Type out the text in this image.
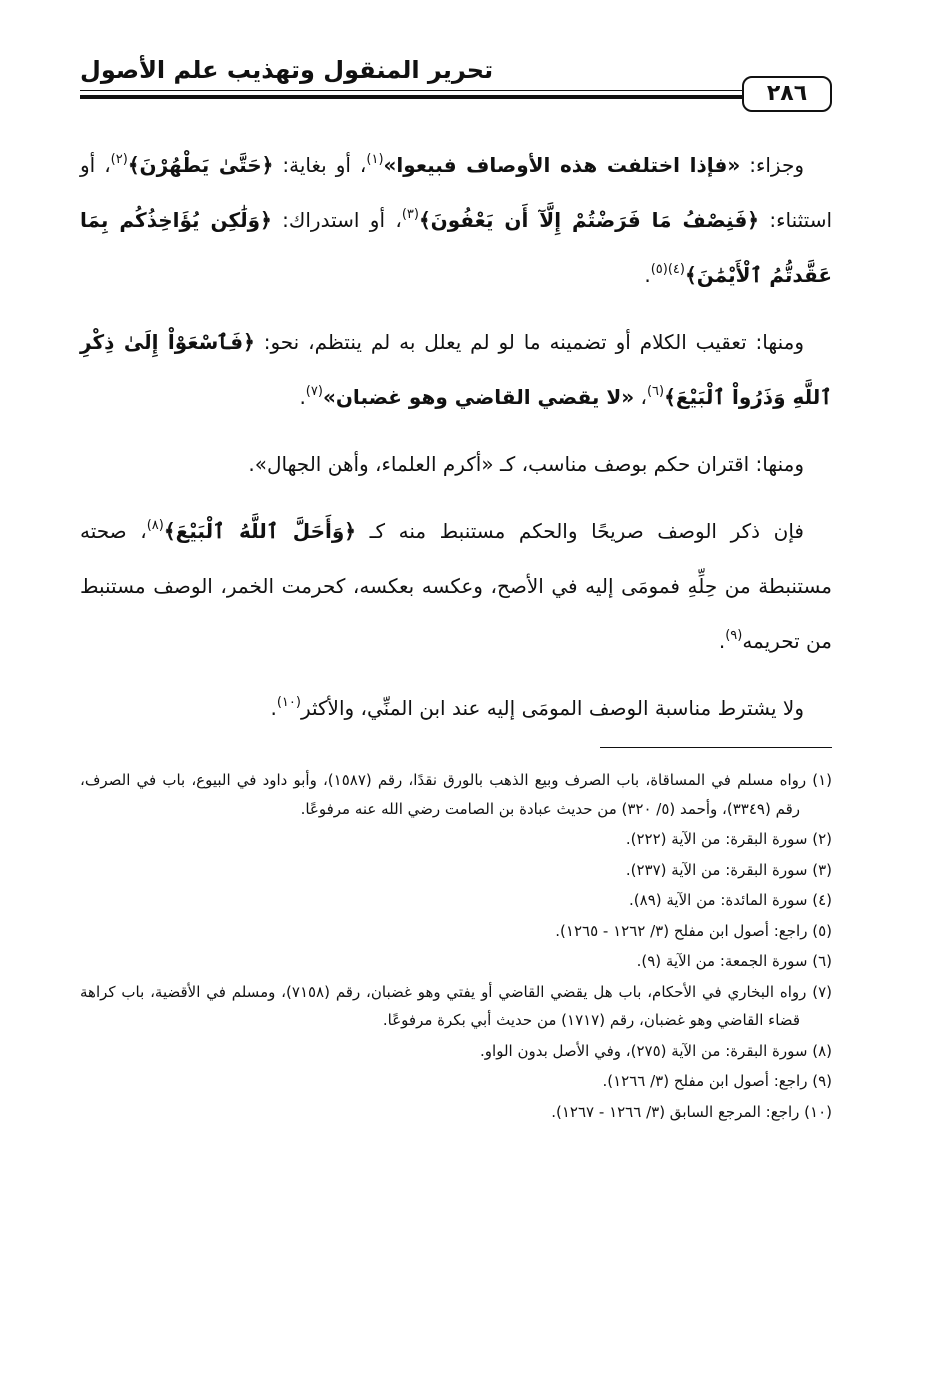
تحرير المنقول وتهذيب علم الأصول
٢٨٦

وجزاء: «فإذا اختلفت هذه الأوصاف فبيعوا»$^{(١)}$، أو بغاية: ﴿حَتَّىٰ يَطْهُرْنَ﴾$^{(٢)}$، أو استثناء: ﴿فَنِصْفُ مَا فَرَضْتُمْ إِلَّآ أَن يَعْفُونَ﴾$^{(٣)}$، أو استدراك: ﴿وَلَٰكِن يُؤَاخِذُكُم بِمَا عَقَّدتُّمُ ٱلْأَيْمَٰنَ﴾$^{(٤)(٥)}$.

ومنها: تعقيب الكلام أو تضمينه ما لو لم يعلل به لم ينتظم، نحو: ﴿فَٱسْعَوْاْ إِلَىٰ ذِكْرِ ٱللَّهِ وَذَرُواْ ٱلْبَيْعَ﴾$^{(٦)}$، «لا يقضي القاضي وهو غضبان»$^{(٧)}$.

ومنها: اقتران حكم بوصف مناسب، كـ «أكرم العلماء، وأهن الجهال».

فإن ذكر الوصف صريحًا والحكم مستنبط منه كـ ﴿وَأَحَلَّ ٱللَّهُ ٱلْبَيْعَ﴾$^{(٨)}$، صحته مستنبطة من حِلِّهِ فمومَى إليه في الأصح، وعكسه بعكسه، كحرمت الخمر، الوصف مستنبط من تحريمه$^{(٩)}$.

ولا يشترط مناسبة الوصف المومَى إليه عند ابن المنِّي، والأكثر$^{(١٠)}$.

(١) رواه مسلم في المساقاة، باب الصرف وبيع الذهب بالورق نقدًا، رقم (١٥٨٧)، وأبو داود في البيوع، باب في الصرف، رقم (٣٣٤٩)، وأحمد (٥/ ٣٢٠) من حديث عبادة بن الصامت رضي الله عنه مرفوعًا.

(٢) سورة البقرة: من الآية (٢٢٢).

(٣) سورة البقرة: من الآية (٢٣٧).

(٤) سورة المائدة: من الآية (٨٩).

(٥) راجع: أصول ابن مفلح (٣/ ١٢٦٢ - ١٢٦٥).

(٦) سورة الجمعة: من الآية (٩).

(٧) رواه البخاري في الأحكام، باب هل يقضي القاضي أو يفتي وهو غضبان، رقم (٧١٥٨)، ومسلم في الأقضية، باب كراهة قضاء القاضي وهو غضبان، رقم (١٧١٧) من حديث أبي بكرة مرفوعًا.

(٨) سورة البقرة: من الآية (٢٧٥)، وفي الأصل بدون الواو.

(٩) راجع: أصول ابن مفلح (٣/ ١٢٦٦).

(١٠) راجع: المرجع السابق (٣/ ١٢٦٦ - ١٢٦٧).
